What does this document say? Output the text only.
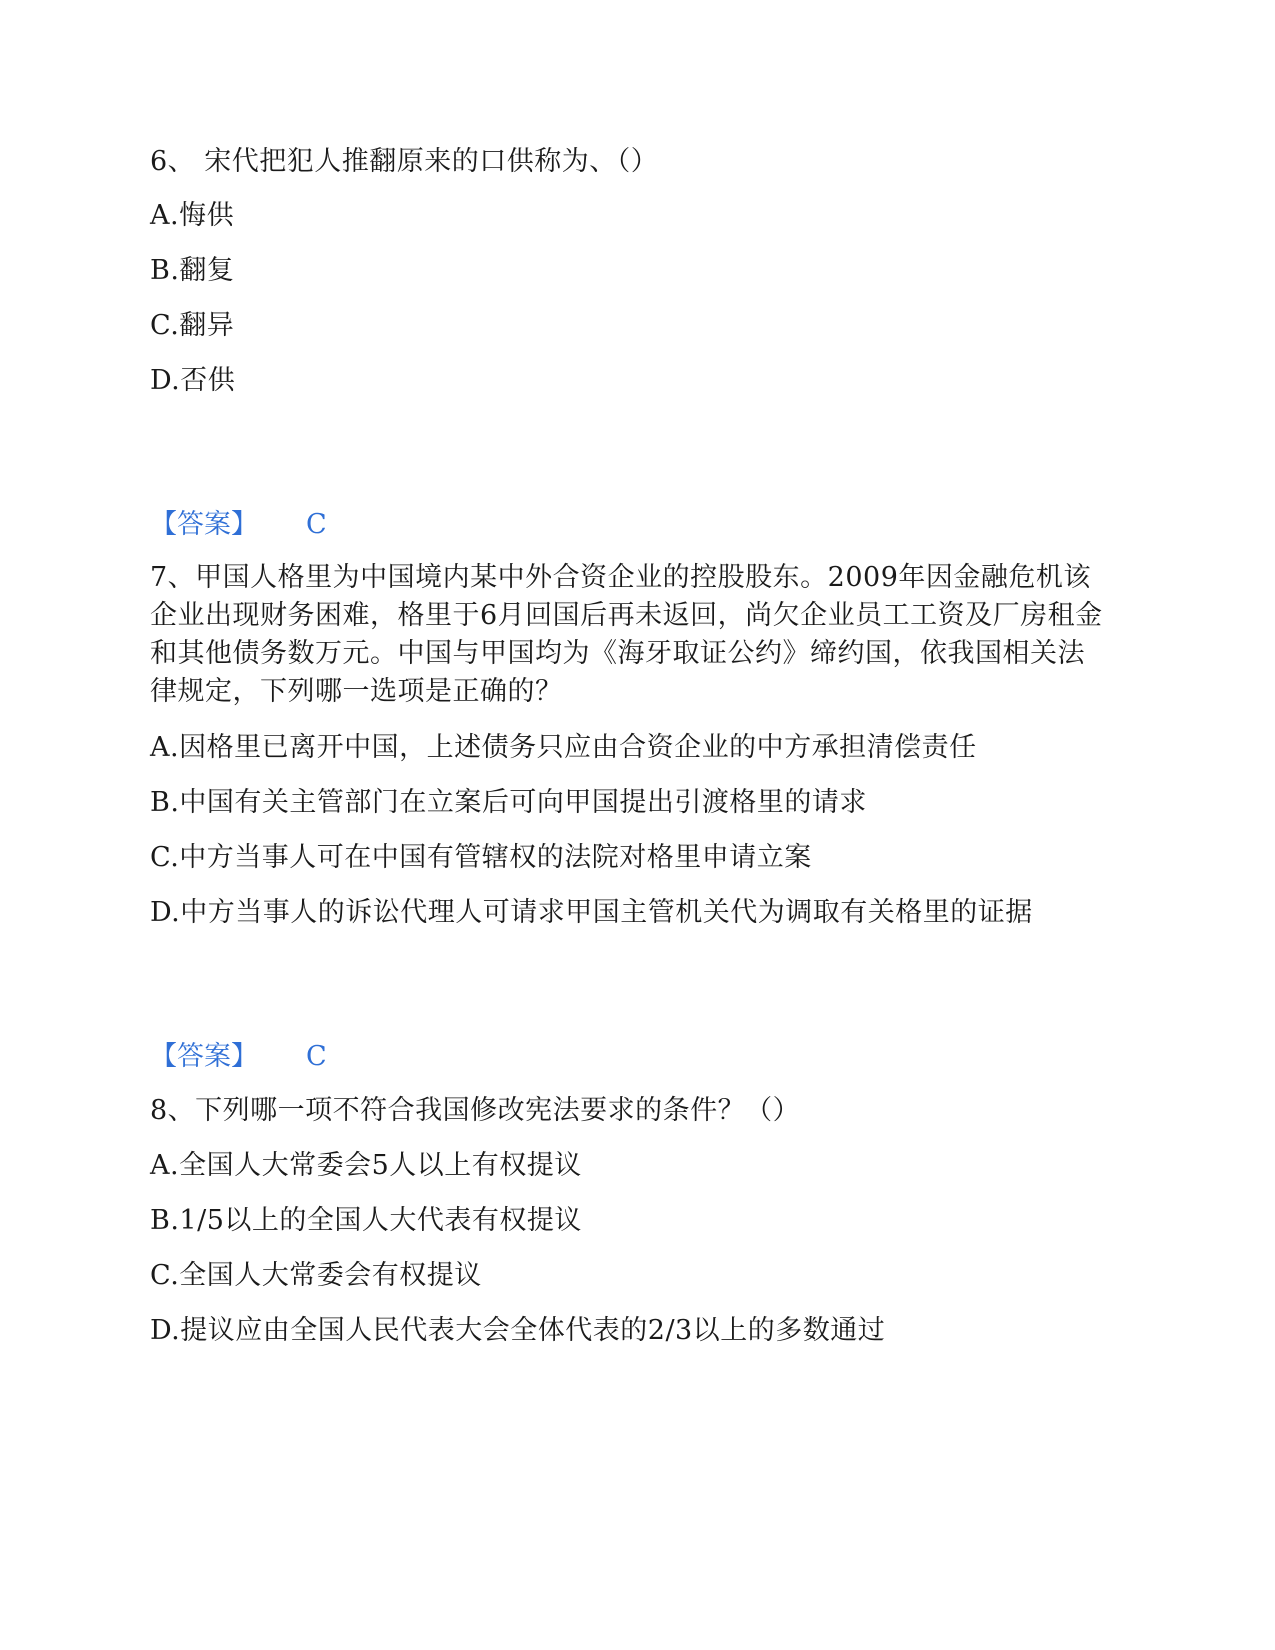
6、 宋代把犯人推翻原来的口供称为、（）
A.悔供
B.翻复
C.翻异
D.否供
【答案】 C
7、甲国人格里为中国境内某中外合资企业的控股股东。2009年因金融危机该企业出现财务困难，格里于6月回国后再未返回，尚欠企业员工工资及厂房租金和其他债务数万元。中国与甲国均为《海牙取证公约》缔约国，依我国相关法律规定，下列哪一选项是正确的？
A.因格里已离开中国，上述债务只应由合资企业的中方承担清偿责任
B.中国有关主管部门在立案后可向甲国提出引渡格里的请求
C.中方当事人可在中国有管辖权的法院对格里申请立案
D.中方当事人的诉讼代理人可请求甲国主管机关代为调取有关格里的证据
【答案】 C
8、下列哪一项不符合我国修改宪法要求的条件？（）
A.全国人大常委会5人以上有权提议
B.1/5以上的全国人大代表有权提议
C.全国人大常委会有权提议
D.提议应由全国人民代表大会全体代表的2/3以上的多数通过
